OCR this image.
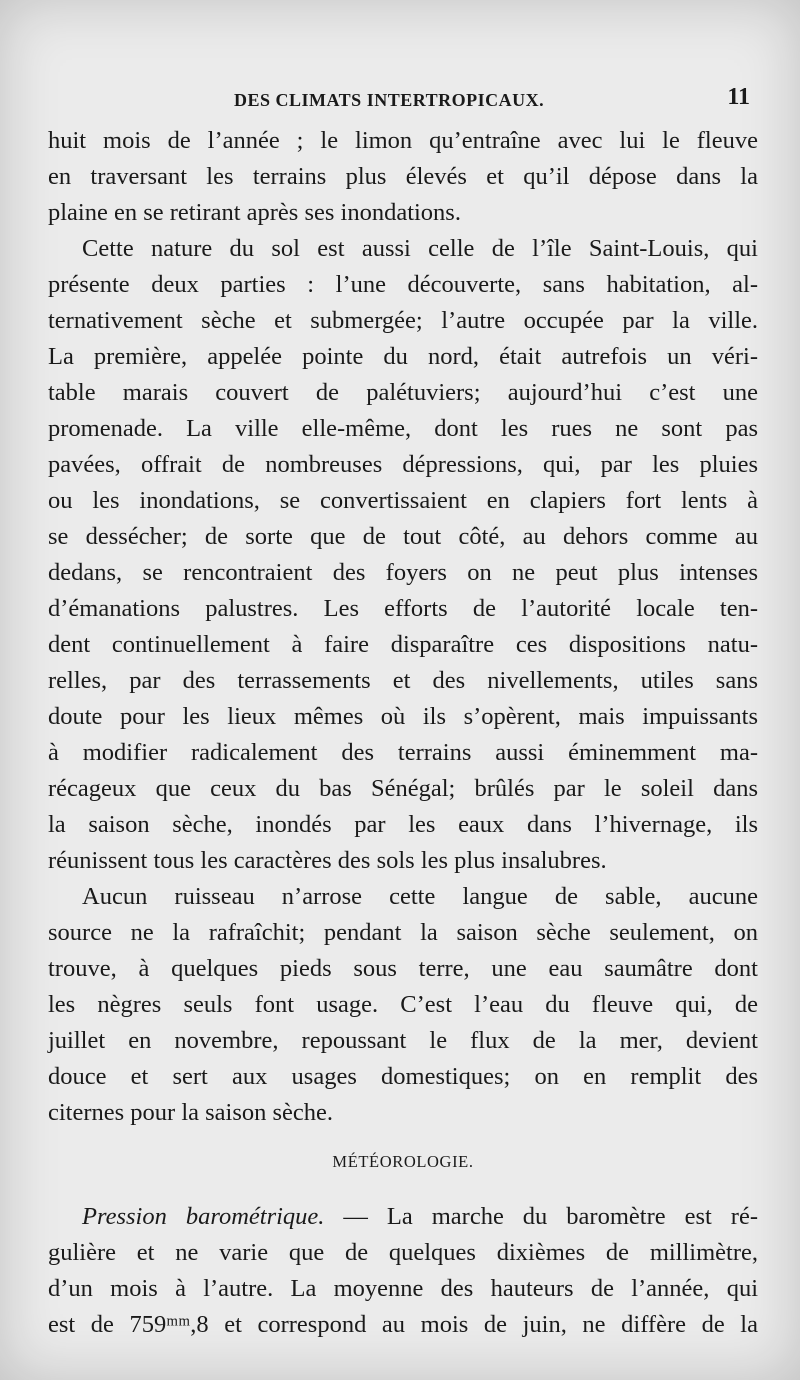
DES CLIMATS INTERTROPICAUX.	11
huit mois de l’année ; le limon qu’entraîne avec lui le fleuve
en traversant les terrains plus élevés et qu’il dépose dans la
plaine en se retirant après ses inondations.
Cette nature du sol est aussi celle de l’île Saint-Louis, qui
présente deux parties : l’une découverte, sans habitation, al-
ternativement sèche et submergée; l’autre occupée par la ville.
La première, appelée pointe du nord, était autrefois un véri-
table marais couvert de palétuviers; aujourd’hui c’est une
promenade. La ville elle-même, dont les rues ne sont pas
pavées, offrait de nombreuses dépressions, qui, par les pluies
ou les inondations, se convertissaient en clapiers fort lents à
se dessécher; de sorte que de tout côté, au dehors comme au
dedans, se rencontraient des foyers on ne peut plus intenses
d’émanations palustres. Les efforts de l’autorité locale ten-
dent continuellement à faire disparaître ces dispositions natu-
relles, par des terrassements et des nivellements, utiles sans
doute pour les lieux mêmes où ils s’opèrent, mais impuissants
à modifier radicalement des terrains aussi éminemment ma-
récageux que ceux du bas Sénégal; brûlés par le soleil dans
la saison sèche, inondés par les eaux dans l’hivernage, ils
réunissent tous les caractères des sols les plus insalubres.
Aucun ruisseau n’arrose cette langue de sable, aucune
source ne la rafraîchit; pendant la saison sèche seulement, on
trouve, à quelques pieds sous terre, une eau saumâtre dont
les nègres seuls font usage. C’est l’eau du fleuve qui, de
juillet en novembre, repoussant le flux de la mer, devient
douce et sert aux usages domestiques; on en remplit des
citernes pour la saison sèche.
MÉTÉOROLOGIE.
Pression barométrique. — La marche du baromètre est ré-
gulière et ne varie que de quelques dixièmes de millimètre,
d’un mois à l’autre. La moyenne des hauteurs de l’année, qui
est de 759ᵐᵐ,8 et correspond au mois de juin, ne diffère de la
